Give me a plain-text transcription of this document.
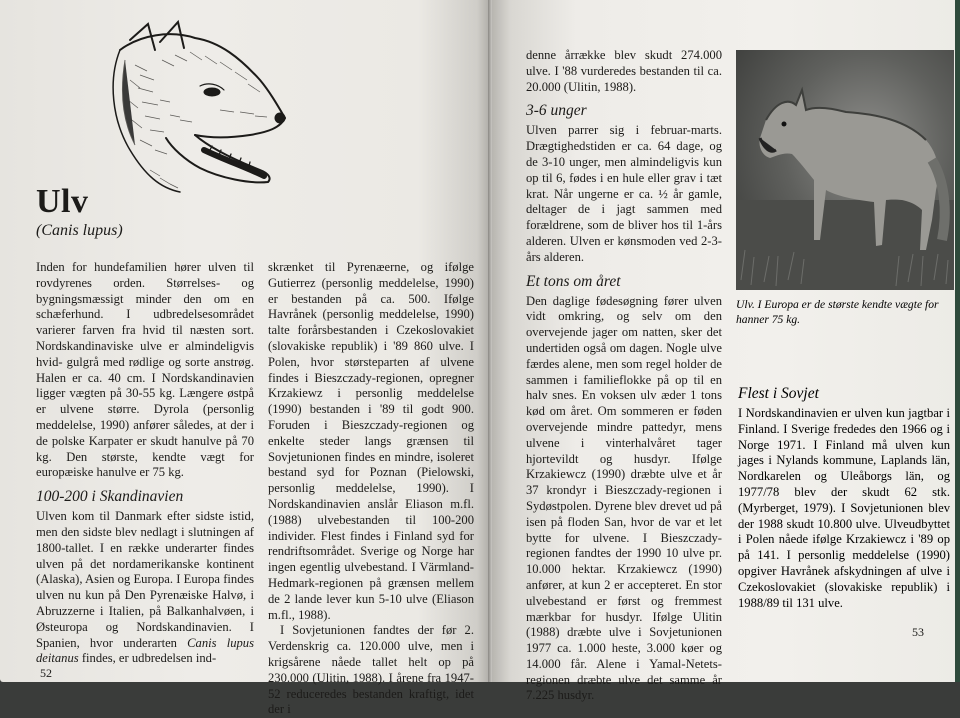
Ulv
(Canis lupus)

Inden for hundefamilien hører ulven til rovdyrenes orden. Størrelses- og bygningsmæssigt minder den om en schæferhund. I udbredelsesområdet varierer farven fra hvid til næsten sort. Nordskandinaviske ulve er almindeligvis hvid- gulgrå med rødlige og sorte anstrøg. Halen er ca. 40 cm. I Nordskandinavien ligger vægten på 30-55 kg. Længere østpå er ulvene større. Dyrola (personlig meddelelse, 1990) anfører således, at der i de polske Karpater er skudt hanulve på 70 kg. Den største, kendte vægt for europæiske hanulve er 75 kg.

100-200 i Skandinavien

Ulven kom til Danmark efter sidste istid, men den sidste blev nedlagt i slutningen af 1800-tallet. I en række underarter findes ulven på det nordamerikanske kontinent (Alaska), Asien og Europa. I Europa findes ulven nu kun på Den Pyrenæiske Halvø, i Abruzzerne i Italien, på Balkanhalvøen, i Østeuropa og Nordskandinavien. I Spanien, hvor underarten Canis lupus deitanus findes, er udbredelsen ind-

skrænket til Pyrenæerne, og ifølge Gutierrez (personlig meddelelse, 1990) er bestanden på ca. 500. Ifølge Havrånek (personlig meddelelse, 1990) talte forårsbestanden i Czekoslovakiet (slovakiske republik) i '89 860 ulve. I Polen, hvor størsteparten af ulvene findes i Bieszczady-regionen, opregner Krzakiewz i personlig meddelelse (1990) bestanden i '89 til godt 900. Foruden i Bieszczady-regionen og enkelte steder langs grænsen til Sovjetunionen findes en mindre, isoleret bestand syd for Poznan (Pielowski, personlig meddelelse, 1990). I Nordskandinavien anslår Eliason m.fl. (1988) ulvebestanden til 100-200 individer. Flest findes i Finland syd for rendriftsområdet. Sverige og Norge har ingen egentlig ulvebestand. I Värmland-Hedmark-regionen på grænsen mellem de 2 lande lever kun 5-10 ulve (Eliason m.fl., 1988).

I Sovjetunionen fandtes der før 2. Verdenskrig ca. 120.000 ulve, men i krigsårene nåede tallet helt op på 230.000 (Ulitin, 1988). I årene fra 1947-52 reduceredes bestanden kraftigt, idet der i

52

denne årrække blev skudt 274.000 ulve. I '88 vurderedes bestanden til ca. 20.000 (Ulitin, 1988).

3-6 unger

Ulven parrer sig i februar-marts. Drægtighedstiden er ca. 64 dage, og de 3-10 unger, men almindeligvis kun op til 6, fødes i en hule eller grav i tæt krat. Når ungerne er ca. ½ år gamle, deltager de i jagt sammen med forældrene, som de bliver hos til 1-års alderen. Ulven er kønsmoden ved 2-3-års alderen.

Et tons om året

Den daglige fødesøgning fører ulven vidt omkring, og selv om den overvejende jager om natten, sker det undertiden også om dagen. Nogle ulve færdes alene, men som regel holder de sammen i familieflokke på op til en halv snes. En voksen ulv æder 1 tons kød om året. Om sommeren er føden overvejende mindre pattedyr, mens ulvene i vinterhalvåret tager hjortevildt og husdyr. Ifølge Krzakiewcz (1990) dræbte ulve et år 37 krondyr i Bieszczady-regionen i Sydøstpolen. Dyrene blev drevet ud på isen på floden San, hvor de var et let bytte for ulvene. I Bieszczady-regionen fandtes der 1990 10 ulve pr. 10.000 hektar. Krzakiewcz (1990) anfører, at kun 2 er accepteret. En stor ulvebestand er først og fremmest mærkbar for husdyr. Ifølge Ulitin (1988) dræbte ulve i Sovjetunionen 1977 ca. 1.000 heste, 3.000 køer og 14.000 får. Alene i Yamal-Netets-regionen dræbte ulve det samme år 7.225 husdyr.

Ulv. I Europa er de største kendte vægte for hanner 75 kg.
Flest i Sovjet

I Nordskandinavien er ulven kun jagtbar i Finland. I Sverige frededes den 1966 og i Norge 1971. I Finland må ulven kun jages i Nylands kommune, Laplands län, Nordkarelen og Uleåborgs län, og 1977/78 blev der skudt 62 stk. (Myrberget, 1979). I Sovjetunionen blev der 1988 skudt 10.800 ulve. Ulveudbyttet i Polen nåede ifølge Krzakiewcz i '89 op på 141. I personlig meddelelse (1990) opgiver Havrånek afskydningen af ulve i Czekoslovakiet (slovakiske republik) i 1988/89 til 131 ulve.

53
